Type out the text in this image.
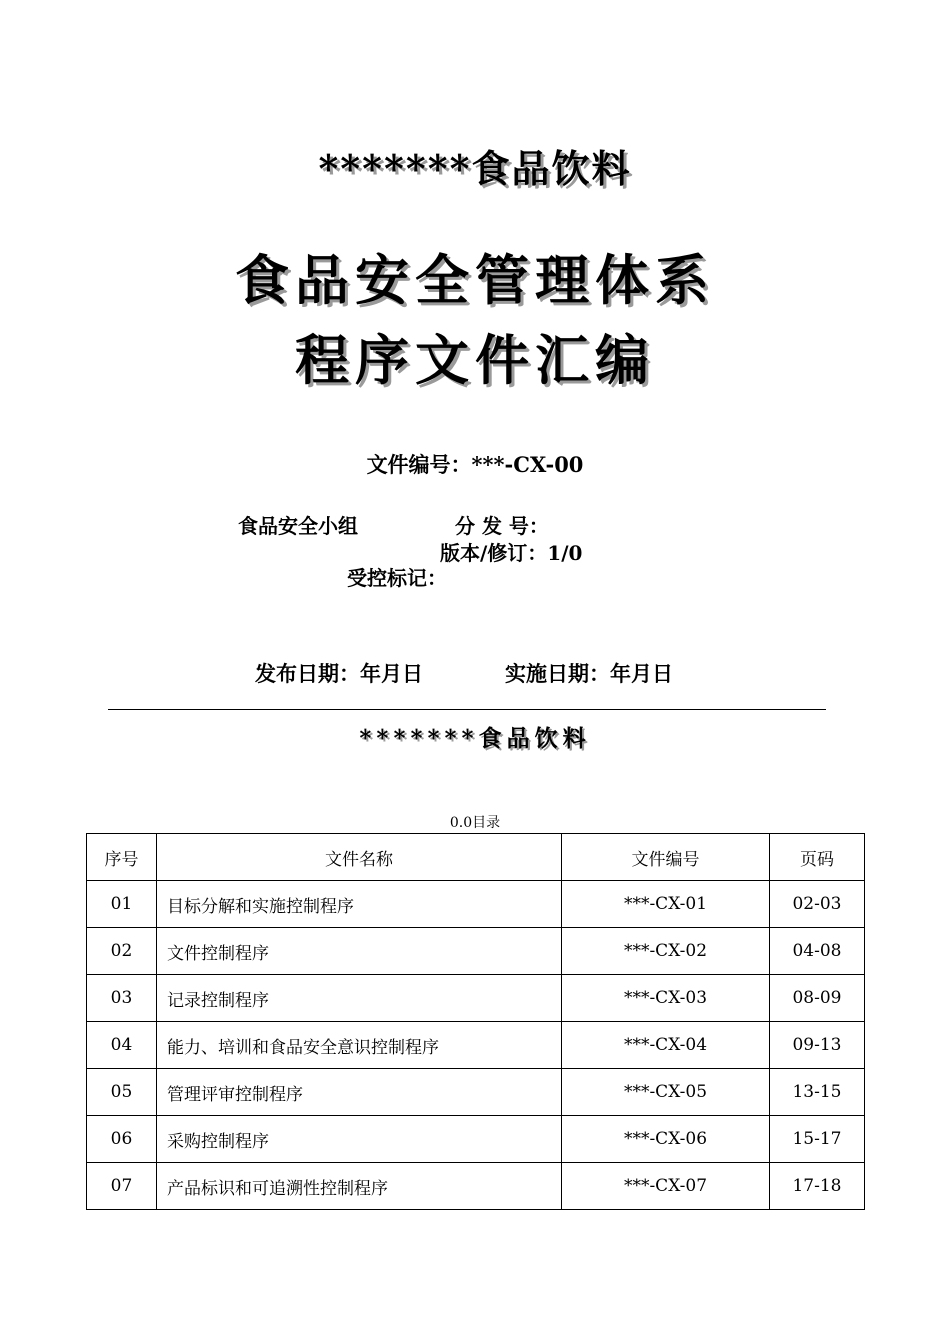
*******食品饮料
食品安全管理体系
程序文件汇编
文件编号：***-CX-00
食品安全小组	分 发 号：
版本/修订：1/0
受控标记：
发布日期：年月日	实施日期：年月日
*******食品饮料
0.0目录
序号	文件名称	文件编号	页码
01	目标分解和实施控制程序	***-CX-01	02-03
02	文件控制程序	***-CX-02	04-08
03	记录控制程序	***-CX-03	08-09
04	能力、培训和食品安全意识控制程序	***-CX-04	09-13
05	管理评审控制程序	***-CX-05	13-15
06	采购控制程序	***-CX-06	15-17
07	产品标识和可追溯性控制程序	***-CX-07	17-18
